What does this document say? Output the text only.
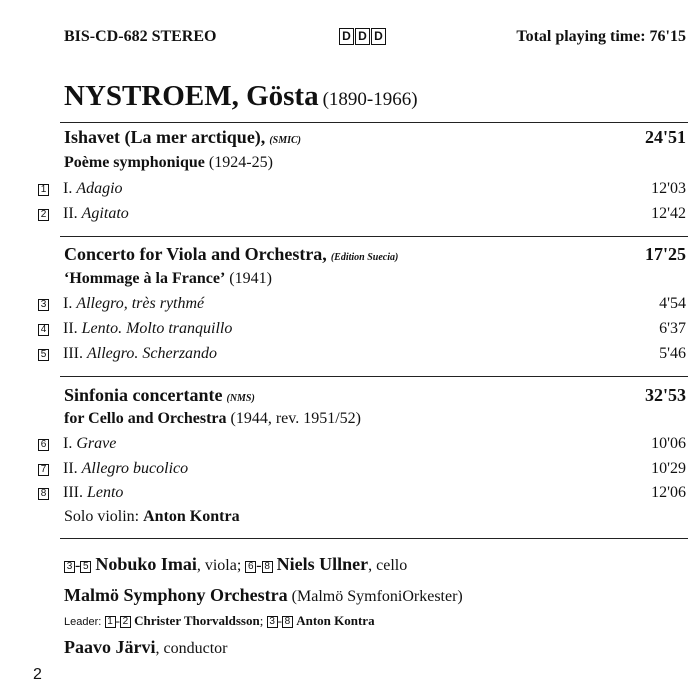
BIS-CD-682 STEREO	D D D	Total playing time: 76'15
NYSTROEM, Gösta (1890-1966)
Ishavet (La mer arctique), (SMIC)	24'51
Poème symphonique (1924-25)
1 I. Adagio	12'03
2 II. Agitato	12'42
Concerto for Viola and Orchestra, (Edition Suecia)	17'25
‘Hommage à la France’ (1941)
3 I. Allegro, très rythmé	4'54
4 II. Lento. Molto tranquillo	6'37
5 III. Allegro. Scherzando	5'46
Sinfonia concertante (NMS)	32'53
for Cello and Orchestra (1944, rev. 1951/52)
6 I. Grave	10'06
7 II. Allegro bucolico	10'29
8 III. Lento	12'06
Solo violin: Anton Kontra
3 - 5 Nobuko Imai, viola; 6 - 8 Niels Ullner, cello
Malmö Symphony Orchestra (Malmö SymfoniOrkester)
Leader: 1 - 2 Christer Thorvaldsson; 3 - 8 Anton Kontra
Paavo Järvi, conductor
2
